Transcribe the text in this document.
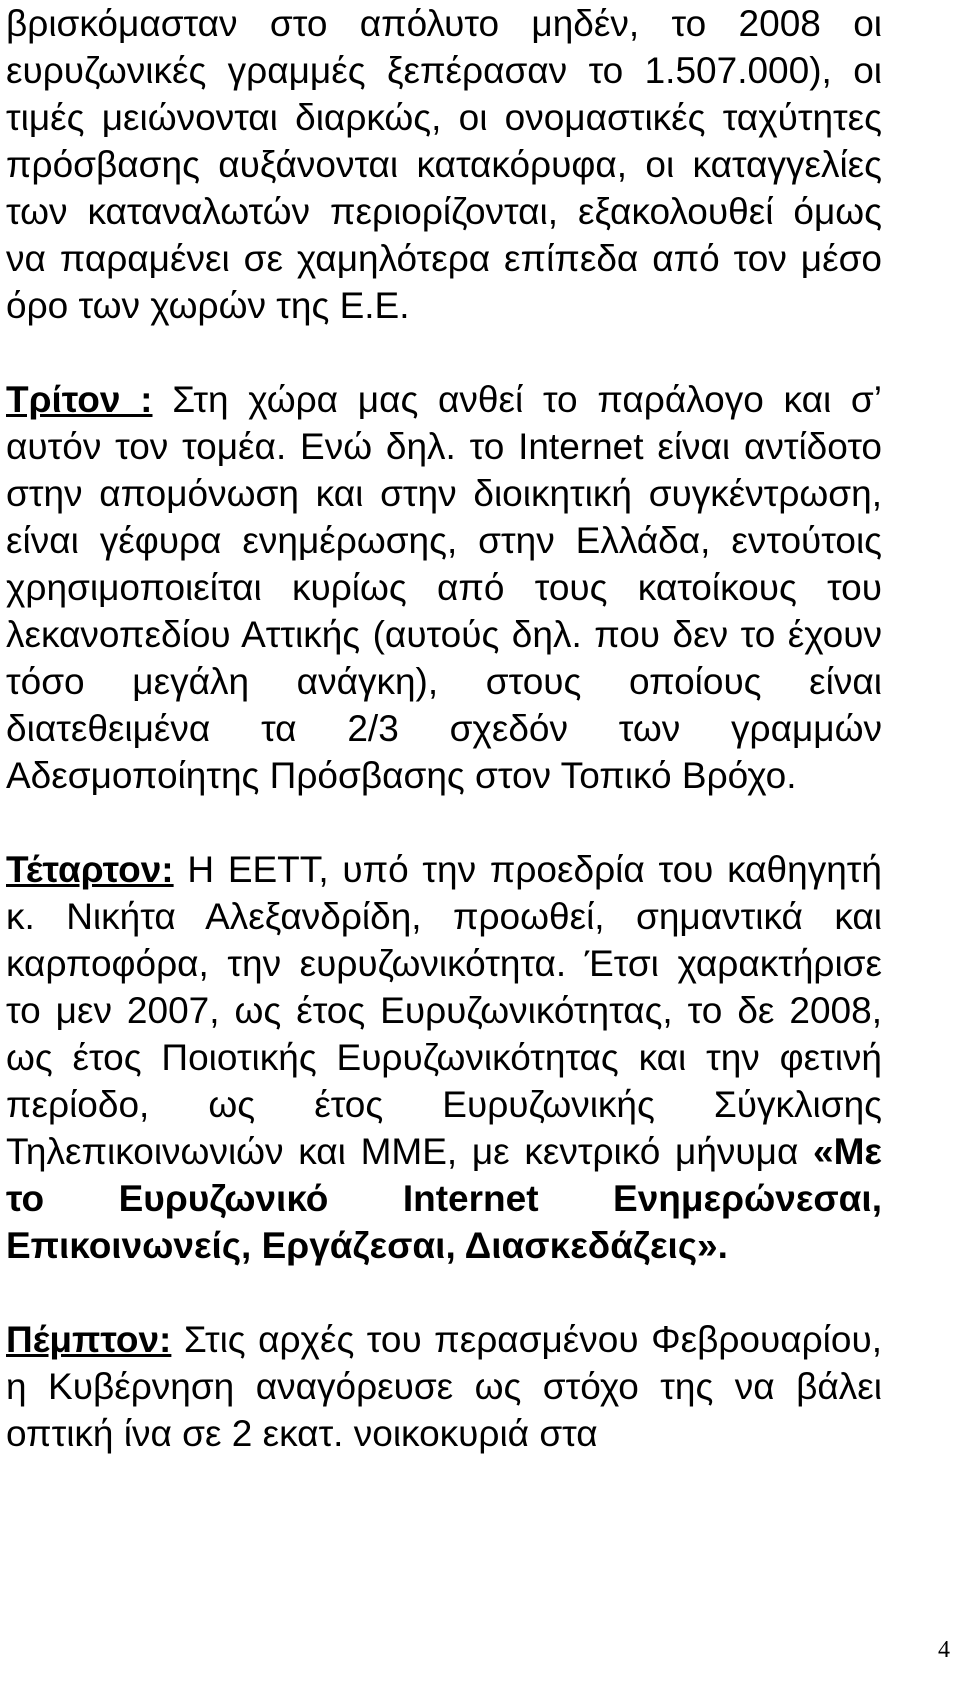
βρισκόμασταν στο απόλυτο μηδέν, το 2008 οι ευρυζωνικές γραμμές ξεπέρασαν το 1.507.000), οι τιμές μειώνονται διαρκώς, οι ονομαστικές ταχύτητες πρόσβασης αυξάνονται κατακόρυφα, οι καταγγελίες των καταναλωτών περιορίζονται, εξακολουθεί όμως να παραμένει σε χαμηλότερα επίπεδα από τον μέσο όρο των χωρών της Ε.Ε.

Τρίτον : Στη χώρα μας ανθεί το παράλογο και σ’ αυτόν τον τομέα. Ενώ δηλ. το Internet είναι αντίδοτο στην απομόνωση και στην διοικητική συγκέντρωση, είναι γέφυρα ενημέρωσης, στην Ελλάδα, εντούτοις χρησιμοποιείται κυρίως από τους κατοίκους του λεκανοπεδίου Αττικής (αυτούς δηλ. που δεν το έχουν τόσο μεγάλη ανάγκη), στους οποίους είναι διατεθειμένα τα 2/3 σχεδόν των γραμμών Αδεσμοποίητης Πρόσβασης στον Τοπικό Βρόχο.

Τέταρτον: Η ΕΕΤΤ, υπό την προεδρία του καθηγητή κ. Νικήτα Αλεξανδρίδη, προωθεί, σημαντικά και καρποφόρα, την ευρυζωνικότητα. Έτσι χαρακτήρισε το μεν 2007, ως έτος Ευρυζωνικότητας, το δε 2008, ως έτος Ποιοτικής Ευρυζωνικότητας και την φετινή περίοδο, ως έτος Ευρυζωνικής Σύγκλισης Τηλεπικοινωνιών και ΜΜΕ, με κεντρικό μήνυμα «Με το Ευρυζωνικό Internet Ενημερώνεσαι, Επικοινωνείς, Εργάζεσαι, Διασκεδάζεις».

Πέμπτον: Στις αρχές του περασμένου Φεβρουαρίου, η Κυβέρνηση αναγόρευσε ως στόχο της να βάλει οπτική ίνα σε 2 εκατ. νοικοκυριά στα

4
